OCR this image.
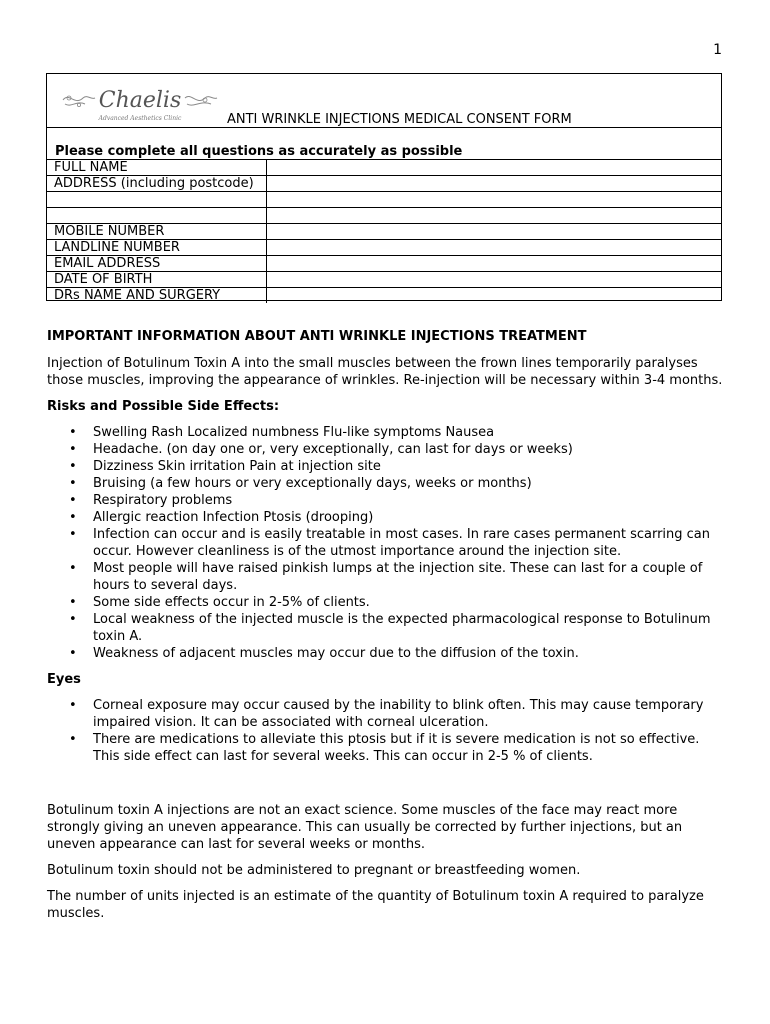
1
Chaelis
Advanced Aesthetics Clinic	ANTI WRINKLE INJECTIONS MEDICAL CONSENT FORM
Please complete all questions as accurately as possible
FULL NAME	
ADDRESS (including postcode)	

MOBILE NUMBER	
LANDLINE NUMBER	
EMAIL ADDRESS	
DATE OF BIRTH	
DRs NAME AND SURGERY	
IMPORTANT INFORMATION ABOUT ANTI WRINKLE INJECTIONS TREATMENT

Injection of Botulinum Toxin A into the small muscles between the frown lines temporarily paralyses those muscles, improving the appearance of wrinkles. Re-injection will be necessary within 3-4 months.

Risks and Possible Side Effects:
• Swelling Rash Localized numbness Flu-like symptoms Nausea
• Headache. (on day one or, very exceptionally, can last for days or weeks)
• Dizziness Skin irritation Pain at injection site
• Bruising (a few hours or very exceptionally days, weeks or months)
• Respiratory problems
• Allergic reaction Infection Ptosis (drooping)
• Infection can occur and is easily treatable in most cases. In rare cases permanent scarring can occur. However cleanliness is of the utmost importance around the injection site.
• Most people will have raised pinkish lumps at the injection site. These can last for a couple of hours to several days.
• Some side effects occur in 2-5% of clients.
• Local weakness of the injected muscle is the expected pharmacological response to Botulinum toxin A.
• Weakness of adjacent muscles may occur due to the diffusion of the toxin.
Eyes
• Corneal exposure may occur caused by the inability to blink often. This may cause temporary impaired vision. It can be associated with corneal ulceration.
• There are medications to alleviate this ptosis but if it is severe medication is not so effective. This side effect can last for several weeks. This can occur in 2-5 % of clients.

Botulinum toxin A injections are not an exact science. Some muscles of the face may react more strongly giving an uneven appearance. This can usually be corrected by further injections, but an uneven appearance can last for several weeks or months.

Botulinum toxin should not be administered to pregnant or breastfeeding women.

The number of units injected is an estimate of the quantity of Botulinum toxin A required to paralyze muscles.
